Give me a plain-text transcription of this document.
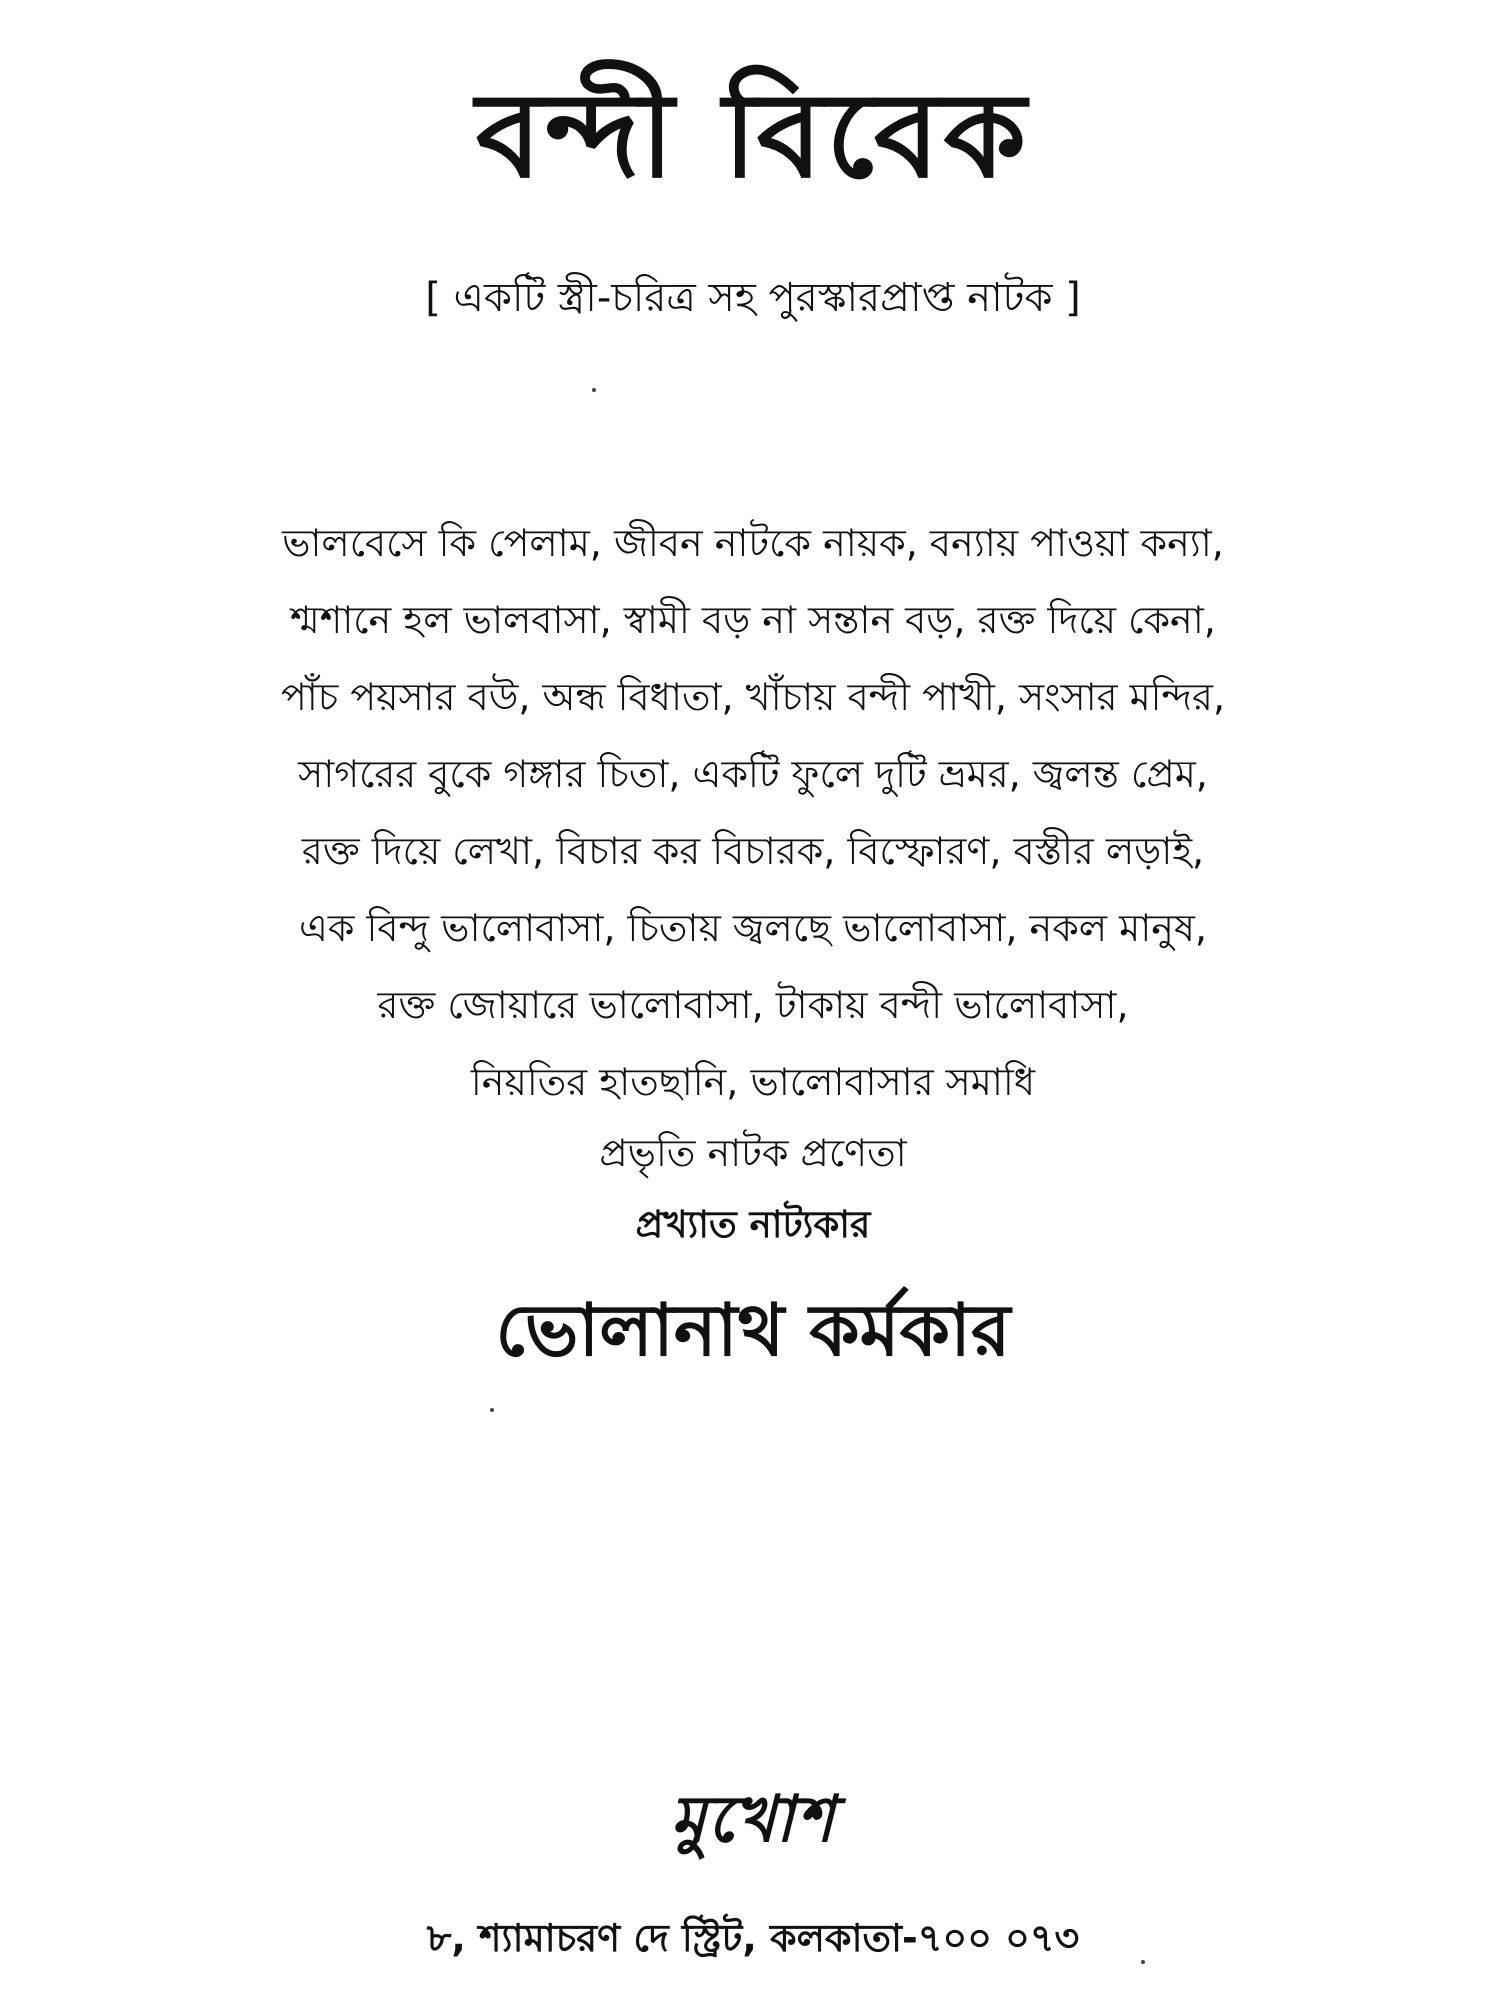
বন্দী বিবেক
[ একটি স্ত্রী-চরিত্র সহ পুরস্কারপ্রাপ্ত নাটক ]
ভালবেসে কি পেলাম, জীবন নাটকে নায়ক, বন্যায় পাওয়া কন্যা,
শ্মশানে হল ভালবাসা, স্বামী বড় না সন্তান বড়, রক্ত দিয়ে কেনা,
পাঁচ পয়সার বউ, অন্ধ বিধাতা, খাঁচায় বন্দী পাখী, সংসার মন্দির,
সাগরের বুকে গঙ্গার চিতা, একটি ফুলে দুটি ভ্রমর, জ্বলন্ত প্রেম,
রক্ত দিয়ে লেখা, বিচার কর বিচারক, বিস্ফোরণ, বস্তীর লড়াই,
এক বিন্দু ভালোবাসা, চিতায় জ্বলছে ভালোবাসা, নকল মানুষ,
রক্ত জোয়ারে ভালোবাসা, টাকায় বন্দী ভালোবাসা,
নিয়তির হাতছানি, ভালোবাসার সমাধি
প্রভৃতি নাটক প্রণেতা
প্রখ্যাত নাট্যকার
ভোলানাথ কর্মকার
মুখোশ
৮, শ্যামাচরণ দে স্ট্রিট, কলকাতা-৭০০ ০৭৩
